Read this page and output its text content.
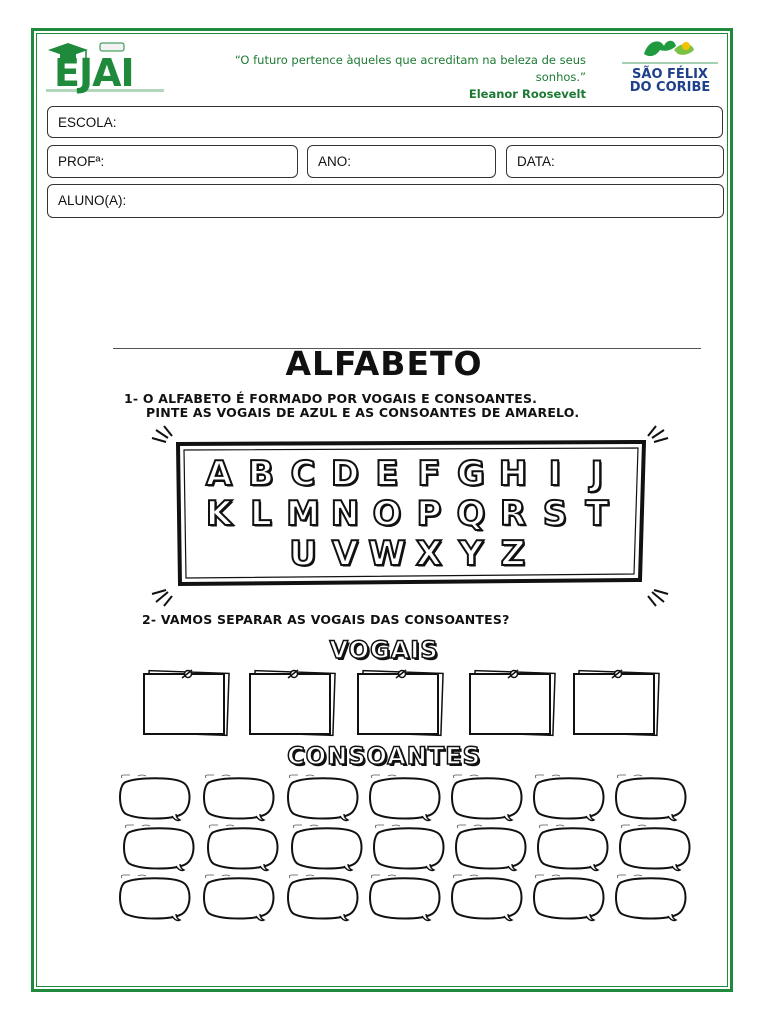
EJAI	“O futuro pertence àqueles que acreditam na beleza de seus sonhos.”
Eleanor Roosevelt
SÃO FÉLIX
DO CORIBE
ESCOLA:
PROFª:	ANO:	DATA:
ALUNO(A):
ALFABETO
1- O ALFABETO É FORMADO POR VOGAIS E CONSOANTES.
PINTE AS VOGAIS DE AZUL E AS CONSOANTES DE AMARELO.
A B C D E F G H I J
K L M N O P Q R S T
U V W X Y Z
2- VAMOS SEPARAR AS VOGAIS DAS CONSOANTES?
VOGAIS
CONSOANTES
